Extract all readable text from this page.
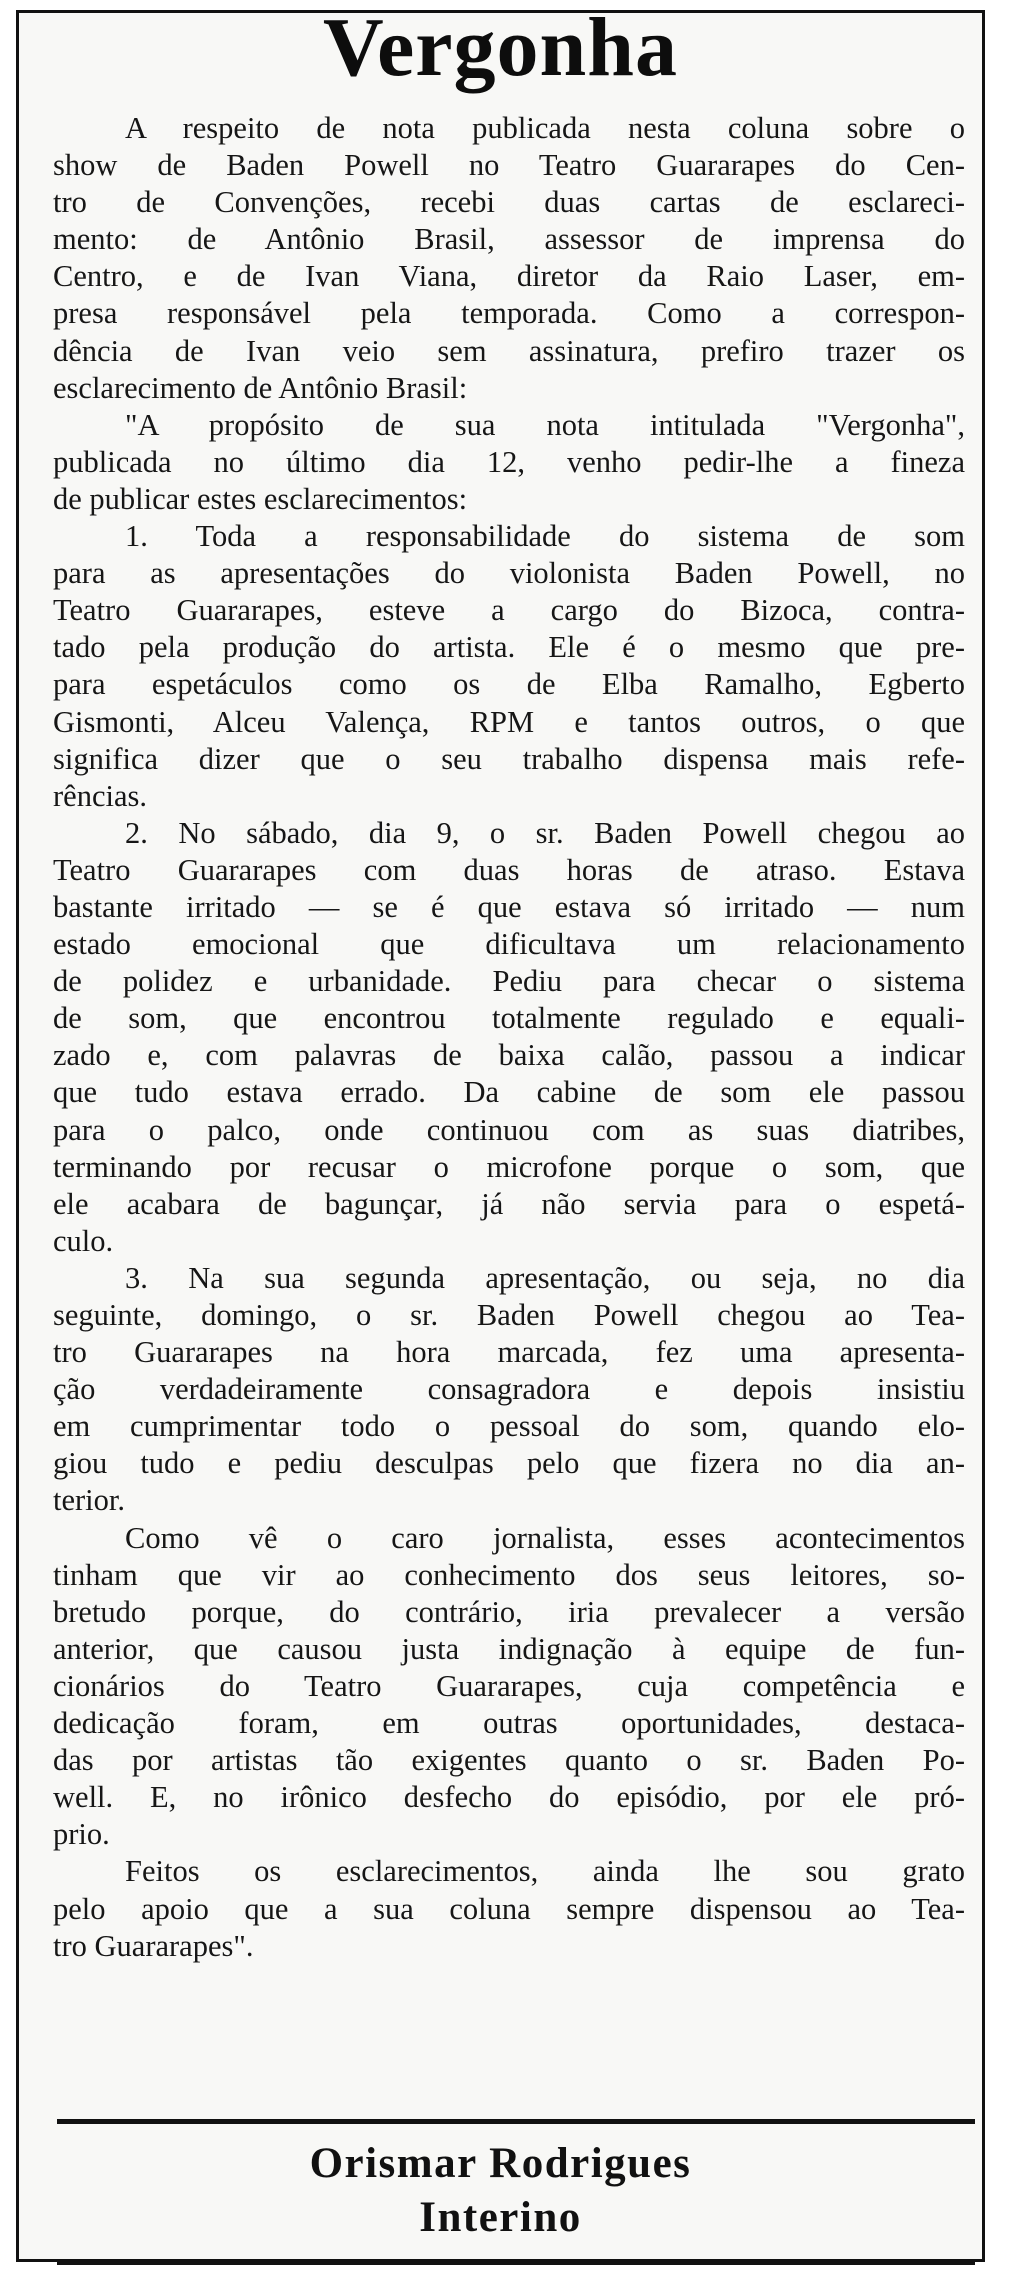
Vergonha
A respeito de nota publicada nesta coluna sobre o
show de Baden Powell no Teatro Guararapes do Cen-
tro de Convenções, recebi duas cartas de esclareci-
mento: de Antônio Brasil, assessor de imprensa do
Centro, e de Ivan Viana, diretor da Raio Laser, em-
presa responsável pela temporada. Como a correspon-
dência de Ivan veio sem assinatura, prefiro trazer os
esclarecimento de Antônio Brasil:
"A propósito de sua nota intitulada "Vergonha",
publicada no último dia 12, venho pedir-lhe a fineza
de publicar estes esclarecimentos:
1. Toda a responsabilidade do sistema de som
para as apresentações do violonista Baden Powell, no
Teatro Guararapes, esteve a cargo do Bizoca, contra-
tado pela produção do artista. Ele é o mesmo que pre-
para espetáculos como os de Elba Ramalho, Egberto
Gismonti, Alceu Valença, RPM e tantos outros, o que
significa dizer que o seu trabalho dispensa mais refe-
rências.
2. No sábado, dia 9, o sr. Baden Powell chegou ao
Teatro Guararapes com duas horas de atraso. Estava
bastante irritado — se é que estava só irritado — num
estado emocional que dificultava um relacionamento
de polidez e urbanidade. Pediu para checar o sistema
de som, que encontrou totalmente regulado e equali-
zado e, com palavras de baixa calão, passou a indicar
que tudo estava errado. Da cabine de som ele passou
para o palco, onde continuou com as suas diatribes,
terminando por recusar o microfone porque o som, que
ele acabara de bagunçar, já não servia para o espetá-
culo.
3. Na sua segunda apresentação, ou seja, no dia
seguinte, domingo, o sr. Baden Powell chegou ao Tea-
tro Guararapes na hora marcada, fez uma apresenta-
ção verdadeiramente consagradora e depois insistiu
em cumprimentar todo o pessoal do som, quando elo-
giou tudo e pediu desculpas pelo que fizera no dia an-
terior.
Como vê o caro jornalista, esses acontecimentos
tinham que vir ao conhecimento dos seus leitores, so-
bretudo porque, do contrário, iria prevalecer a versão
anterior, que causou justa indignação à equipe de fun-
cionários do Teatro Guararapes, cuja competência e
dedicação foram, em outras oportunidades, destaca-
das por artistas tão exigentes quanto o sr. Baden Po-
well. E, no irônico desfecho do episódio, por ele pró-
prio.
Feitos os esclarecimentos, ainda lhe sou grato
pelo apoio que a sua coluna sempre dispensou ao Tea-
tro Guararapes".
Orismar Rodrigues
Interino
